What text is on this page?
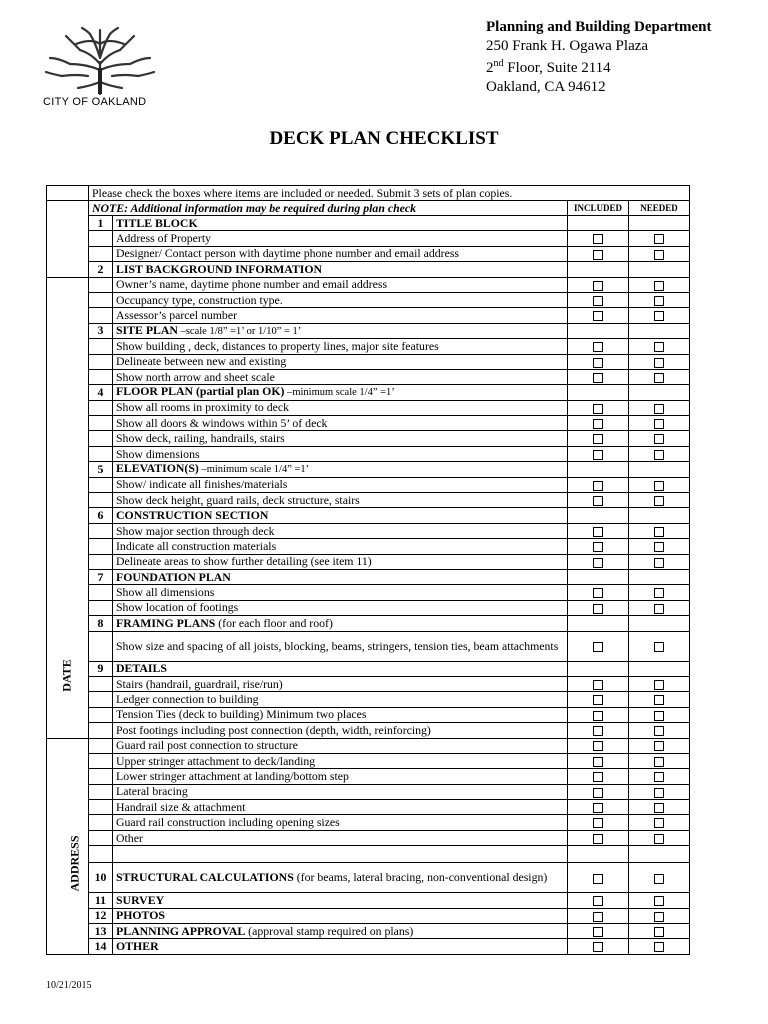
CITY OF OAKLAND
Planning and Building Department
250 Frank H. Ogawa Plaza
2nd Floor, Suite 2114
Oakland, CA 94612
DECK PLAN CHECKLIST
	Please check the boxes where items are included or needed. Submit 3 sets of plan copies.			
	NOTE: Additional information may be required during plan check		INCLUDED	NEEDED
	1	TITLE BLOCK		
		Address of Property		
		Designer/ Contact person with daytime phone number and email address		
	2	LIST BACKGROUND INFORMATION		

DATE		Owner’s name, daytime phone number and email address		
		Occupancy type, construction type.		
		Assessor’s parcel number		
	3	SITE PLAN –scale 1/8” =1’ or 1/10” = 1’		
		Show building , deck, distances to property lines, major site features		
		Delineate between new and existing		
		Show north arrow and sheet scale		
	4	FLOOR PLAN (partial plan OK) –minimum scale 1/4” =1’		
		Show all rooms in proximity to deck		
		Show all doors & windows within 5’ of deck		
		Show deck, railing, handrails, stairs		
		Show dimensions		
	5	ELEVATION(S) –minimum scale 1/4” =1’		
		Show/ indicate all finishes/materials		
		Show deck height, guard rails, deck structure, stairs		
	6	CONSTRUCTION SECTION		
		Show major section through deck		
		Indicate all construction materials		
		Delineate areas to show further detailing (see item 11)		
	7	FOUNDATION PLAN		
		Show all dimensions		
		Show location of footings		
	8	FRAMING PLANS (for each floor and roof)		
		Show size and spacing of all joists, blocking, beams, stringers, tension ties, beam attachments		
	9	DETAILS		
		Stairs (handrail, guardrail, rise/run)		
		Ledger connection to building		
		Tension Ties (deck to building) Minimum two places		
		Post footings including post connection (depth, width, reinforcing)		

ADDRESS		Guard rail post connection to structure		
		Upper stringer attachment to deck/landing		
		Lower stringer attachment at landing/bottom step		
		Lateral bracing		
		Handrail size & attachment		
		Guard rail construction including opening sizes		
		Other		

	10	STRUCTURAL CALCULATIONS (for beams, lateral bracing, non-conventional design)		
	11	SURVEY		
	12	PHOTOS		
	13	PLANNING APPROVAL (approval stamp required on plans)		
	14	OTHER		
10/21/2015
